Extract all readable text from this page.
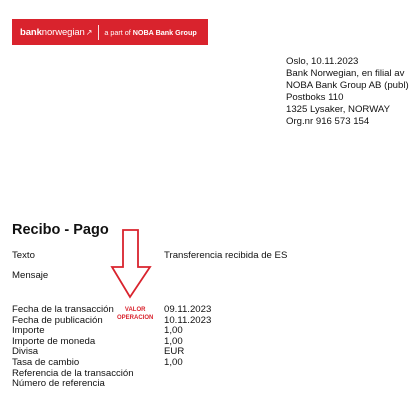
banknorwegian↗ a part of NOBA Bank Group
Oslo, 10.11.2023
Bank Norwegian, en filial av
NOBA Bank Group AB (publ)
Postboks 110
1325 Lysaker, NORWAY
Org.nr 916 573 154
Recibo - Pago
Texto	Transferencia recibida de ES
Mensaje
Fecha de la transacción	09.11.2023
Fecha de publicación	10.11.2023
Importe	1,00
Importe de moneda	1,00
Divisa	EUR
Tasa de cambio	1,00
Referencia de la transacción
Número de referencia
VALOR
OPERACION
